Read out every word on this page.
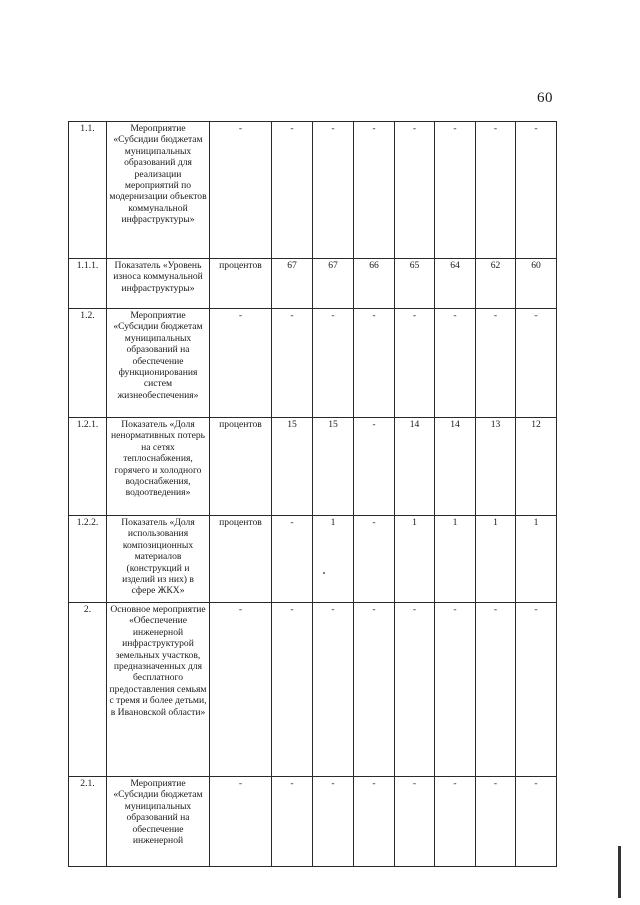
60
1.1.	Мероприятие «Субсидии бюджетам муниципальных образований для реализации мероприятий по модернизации объектов коммунальной инфраструктуры»	-	-	-	-	-	-	-	-
1.1.1.	Показатель «Уровень износа коммунальной инфраструктуры»	процентов	67	67	66	65	64	62	60
1.2.	Мероприятие «Субсидии бюджетам муниципальных образований на обеспечение функционирования систем жизнеобеспечения»	-	-	-	-	-	-	-	-
1.2.1.	Показатель «Доля ненормативных потерь на сетях теплоснабжения, горячего и холодного водоснабжения, водоотведения»	процентов	15	15	-	14	14	13	12
1.2.2.	Показатель «Доля использования композиционных материалов (конструкций и изделий из них) в сфере ЖКХ»	процентов	-	1	-	1	1	1	1
2.	Основное мероприятие «Обеспечение инженерной инфраструктурой земельных участков, предназначенных для бесплатного предоставления семьям с тремя и более детьми, в Ивановской области»	-	-	-	-	-	-	-	-
2.1.	Мероприятие «Субсидии бюджетам муниципальных образований на обеспечение инженерной	-	-	-	-	-	-	-	-
